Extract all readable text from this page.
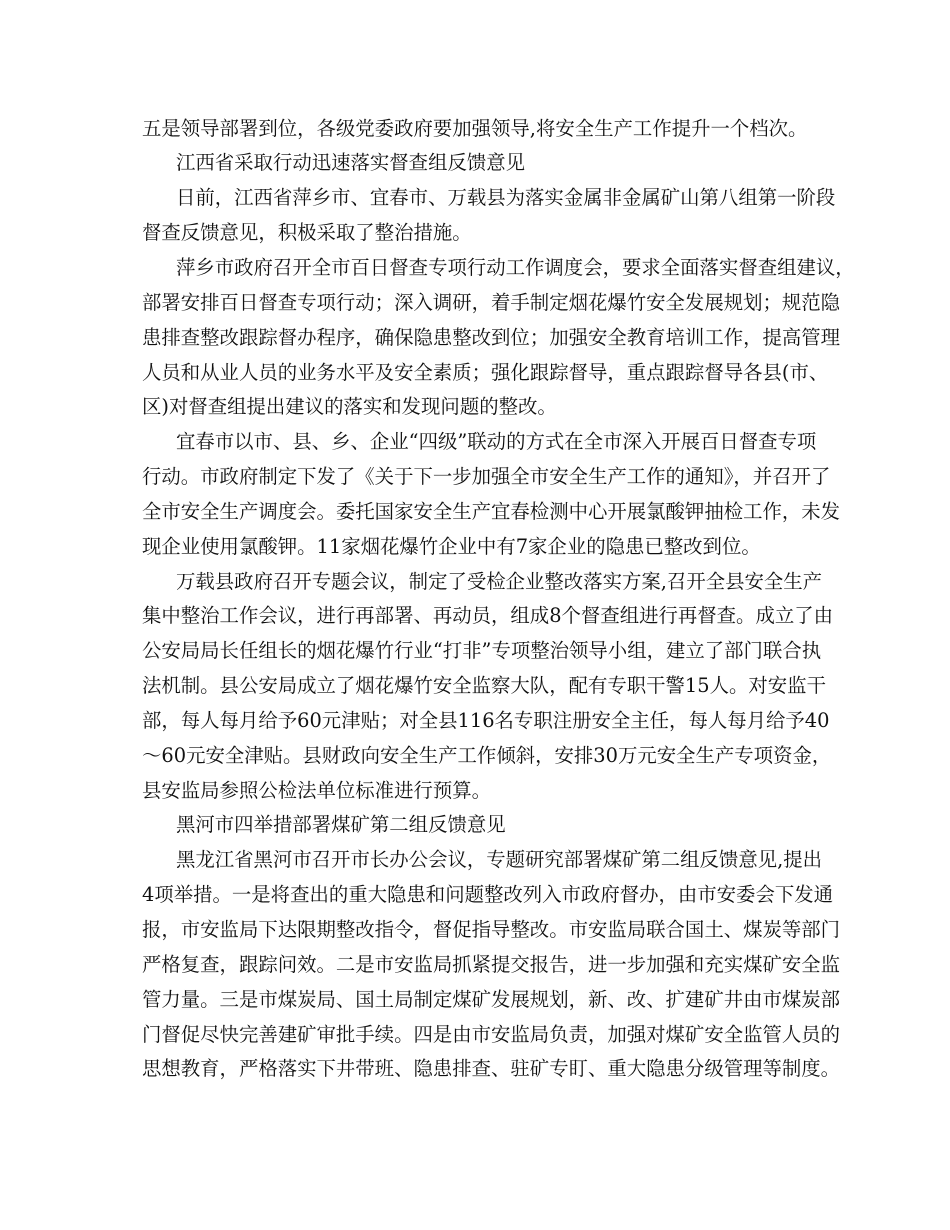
五是领导部署到位，各级党委政府要加强领导,将安全生产工作提升一个档次。
江西省采取行动迅速落实督查组反馈意见
日前，江西省萍乡市、宜春市、万载县为落实金属非金属矿山第八组第一阶段
督查反馈意见，积极采取了整治措施。
萍乡市政府召开全市百日督查专项行动工作调度会，要求全面落实督查组建议，
部署安排百日督查专项行动；深入调研，着手制定烟花爆竹安全发展规划；规范隐
患排查整改跟踪督办程序，确保隐患整改到位；加强安全教育培训工作，提高管理
人员和从业人员的业务水平及安全素质；强化跟踪督导，重点跟踪督导各县(市、
区)对督查组提出建议的落实和发现问题的整改。
宜春市以市、县、乡、企业“四级”联动的方式在全市深入开展百日督查专项
行动。市政府制定下发了《关于下一步加强全市安全生产工作的通知》，并召开了
全市安全生产调度会。委托国家安全生产宜春检测中心开展氯酸钾抽检工作，未发
现企业使用氯酸钾。11家烟花爆竹企业中有7家企业的隐患已整改到位。
万载县政府召开专题会议，制定了受检企业整改落实方案,召开全县安全生产
集中整治工作会议，进行再部署、再动员，组成8个督查组进行再督查。成立了由
公安局局长任组长的烟花爆竹行业“打非”专项整治领导小组，建立了部门联合执
法机制。县公安局成立了烟花爆竹安全监察大队，配有专职干警15人。对安监干
部，每人每月给予60元津贴；对全县116名专职注册安全主任，每人每月给予40
～60元安全津贴。县财政向安全生产工作倾斜，安排30万元安全生产专项资金，
县安监局参照公检法单位标准进行预算。
黑河市四举措部署煤矿第二组反馈意见
黑龙江省黑河市召开市长办公会议，专题研究部署煤矿第二组反馈意见,提出
4项举措。一是将查出的重大隐患和问题整改列入市政府督办，由市安委会下发通
报，市安监局下达限期整改指令，督促指导整改。市安监局联合国土、煤炭等部门
严格复查，跟踪问效。二是市安监局抓紧提交报告，进一步加强和充实煤矿安全监
管力量。三是市煤炭局、国土局制定煤矿发展规划，新、改、扩建矿井由市煤炭部
门督促尽快完善建矿审批手续。四是由市安监局负责，加强对煤矿安全监管人员的
思想教育，严格落实下井带班、隐患排查、驻矿专盯、重大隐患分级管理等制度。
